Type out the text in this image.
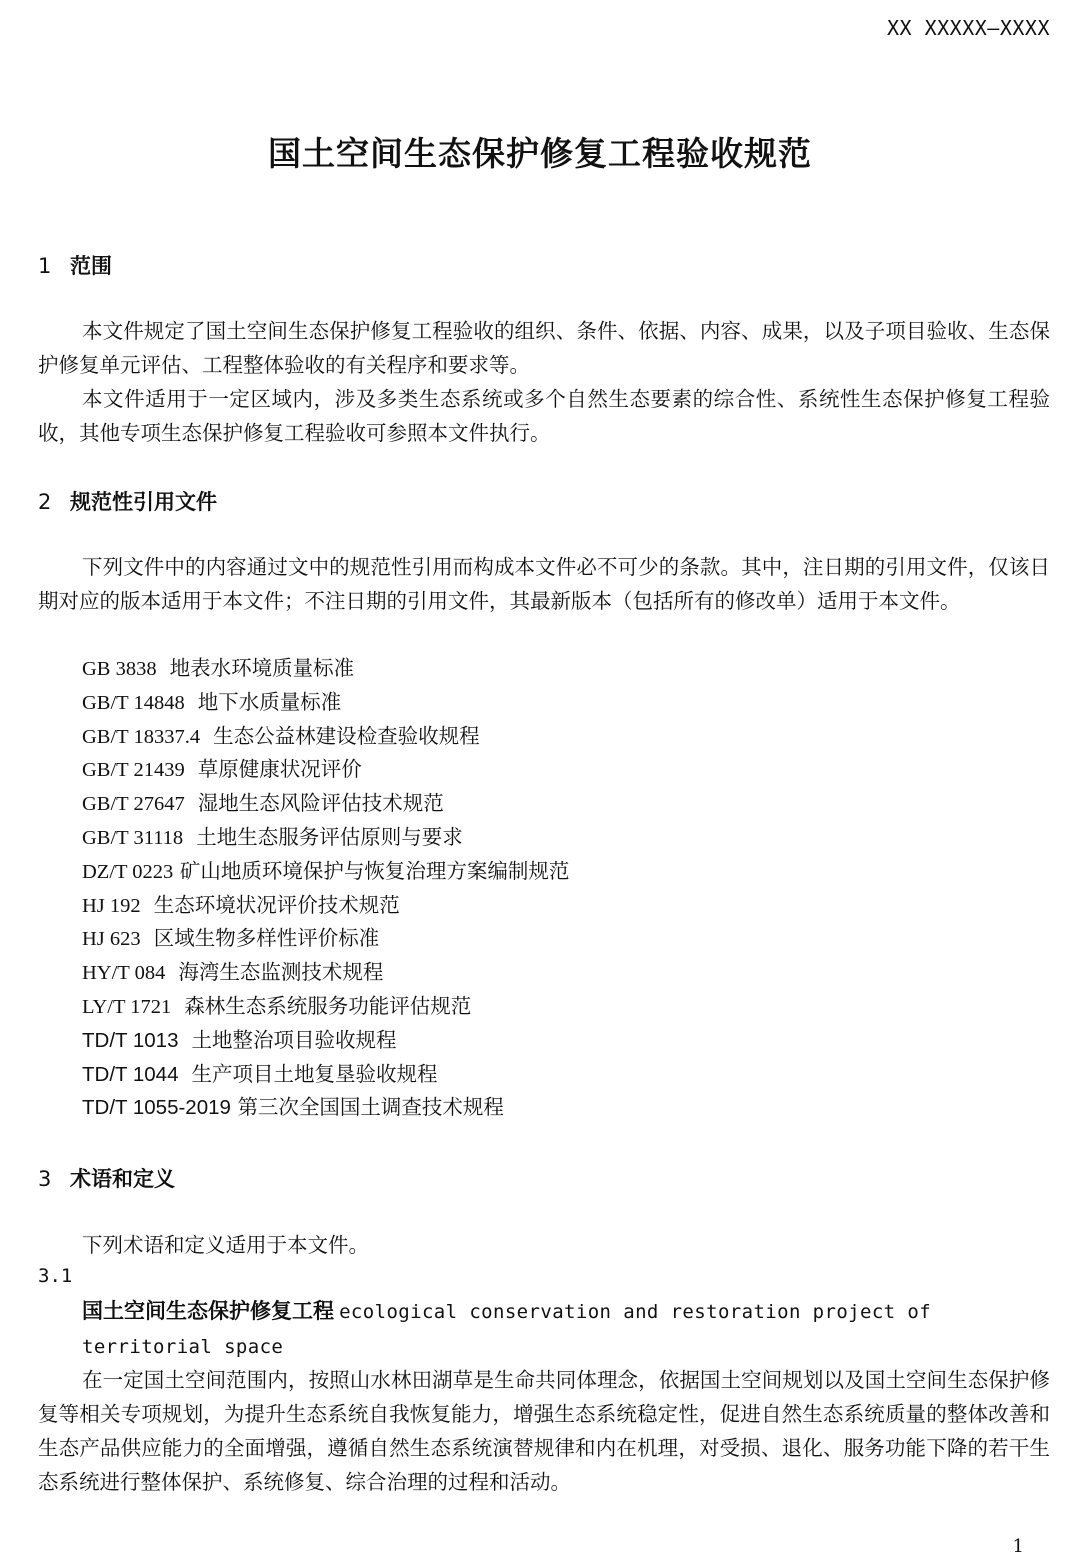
XX XXXXX—XXXX
国土空间生态保护修复工程验收规范
1 范围
本文件规定了国土空间生态保护修复工程验收的组织、条件、依据、内容、成果，以及子项目验收、生态保护修复单元评估、工程整体验收的有关程序和要求等。
本文件适用于一定区域内，涉及多类生态系统或多个自然生态要素的综合性、系统性生态保护修复工程验收，其他专项生态保护修复工程验收可参照本文件执行。
2 规范性引用文件
下列文件中的内容通过文中的规范性引用而构成本文件必不可少的条款。其中，注日期的引用文件，仅该日期对应的版本适用于本文件；不注日期的引用文件，其最新版本（包括所有的修改单）适用于本文件。
GB 3838 地表水环境质量标准
GB/T 14848 地下水质量标准
GB/T 18337.4 生态公益林建设检查验收规程
GB/T 21439 草原健康状况评价
GB/T 27647 湿地生态风险评估技术规范
GB/T 31118 土地生态服务评估原则与要求
DZ/T 0223 矿山地质环境保护与恢复治理方案编制规范
HJ 192 生态环境状况评价技术规范
HJ 623 区域生物多样性评价标准
HY/T 084 海湾生态监测技术规程
LY/T 1721 森林生态系统服务功能评估规范
TD/T 1013 土地整治项目验收规程
TD/T 1044 生产项目土地复垦验收规程
TD/T 1055-2019 第三次全国国土调查技术规程
3 术语和定义
下列术语和定义适用于本文件。
3.1
国土空间生态保护修复工程 ecological conservation and restoration project of territorial space
在一定国土空间范围内，按照山水林田湖草是生命共同体理念，依据国土空间规划以及国土空间生态保护修复等相关专项规划，为提升生态系统自我恢复能力，增强生态系统稳定性，促进自然生态系统质量的整体改善和生态产品供应能力的全面增强，遵循自然生态系统演替规律和内在机理，对受损、退化、服务功能下降的若干生态系统进行整体保护、系统修复、综合治理的过程和活动。
1
